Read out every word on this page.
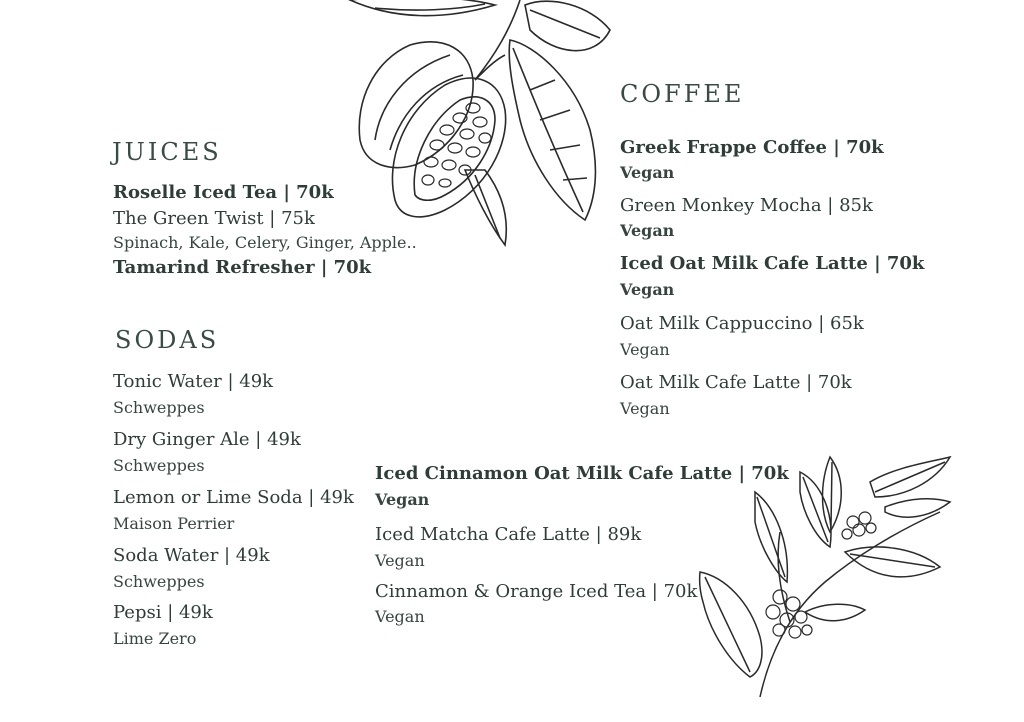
JUICES
Roselle Iced Tea | 70k
The Green Twist | 75k
Spinach, Kale, Celery, Ginger, Apple..
Tamarind Refresher | 70k
SODAS
Tonic Water | 49k
Schweppes
Dry Ginger Ale | 49k
Schweppes
Lemon or Lime Soda | 49k
Maison Perrier
Soda Water | 49k
Schweppes
Pepsi | 49k
Lime Zero
COFFEE
Greek Frappe Coffee | 70k
Vegan
Green Monkey Mocha | 85k
Vegan
Iced Oat Milk Cafe Latte | 70k
Vegan
Oat Milk Cappuccino | 65k
Vegan
Oat Milk Cafe Latte | 70k
Vegan
Iced Cinnamon Oat Milk Cafe Latte | 70k
Vegan
Iced Matcha Cafe Latte | 89k
Vegan
Cinnamon & Orange Iced Tea | 70k
Vegan
